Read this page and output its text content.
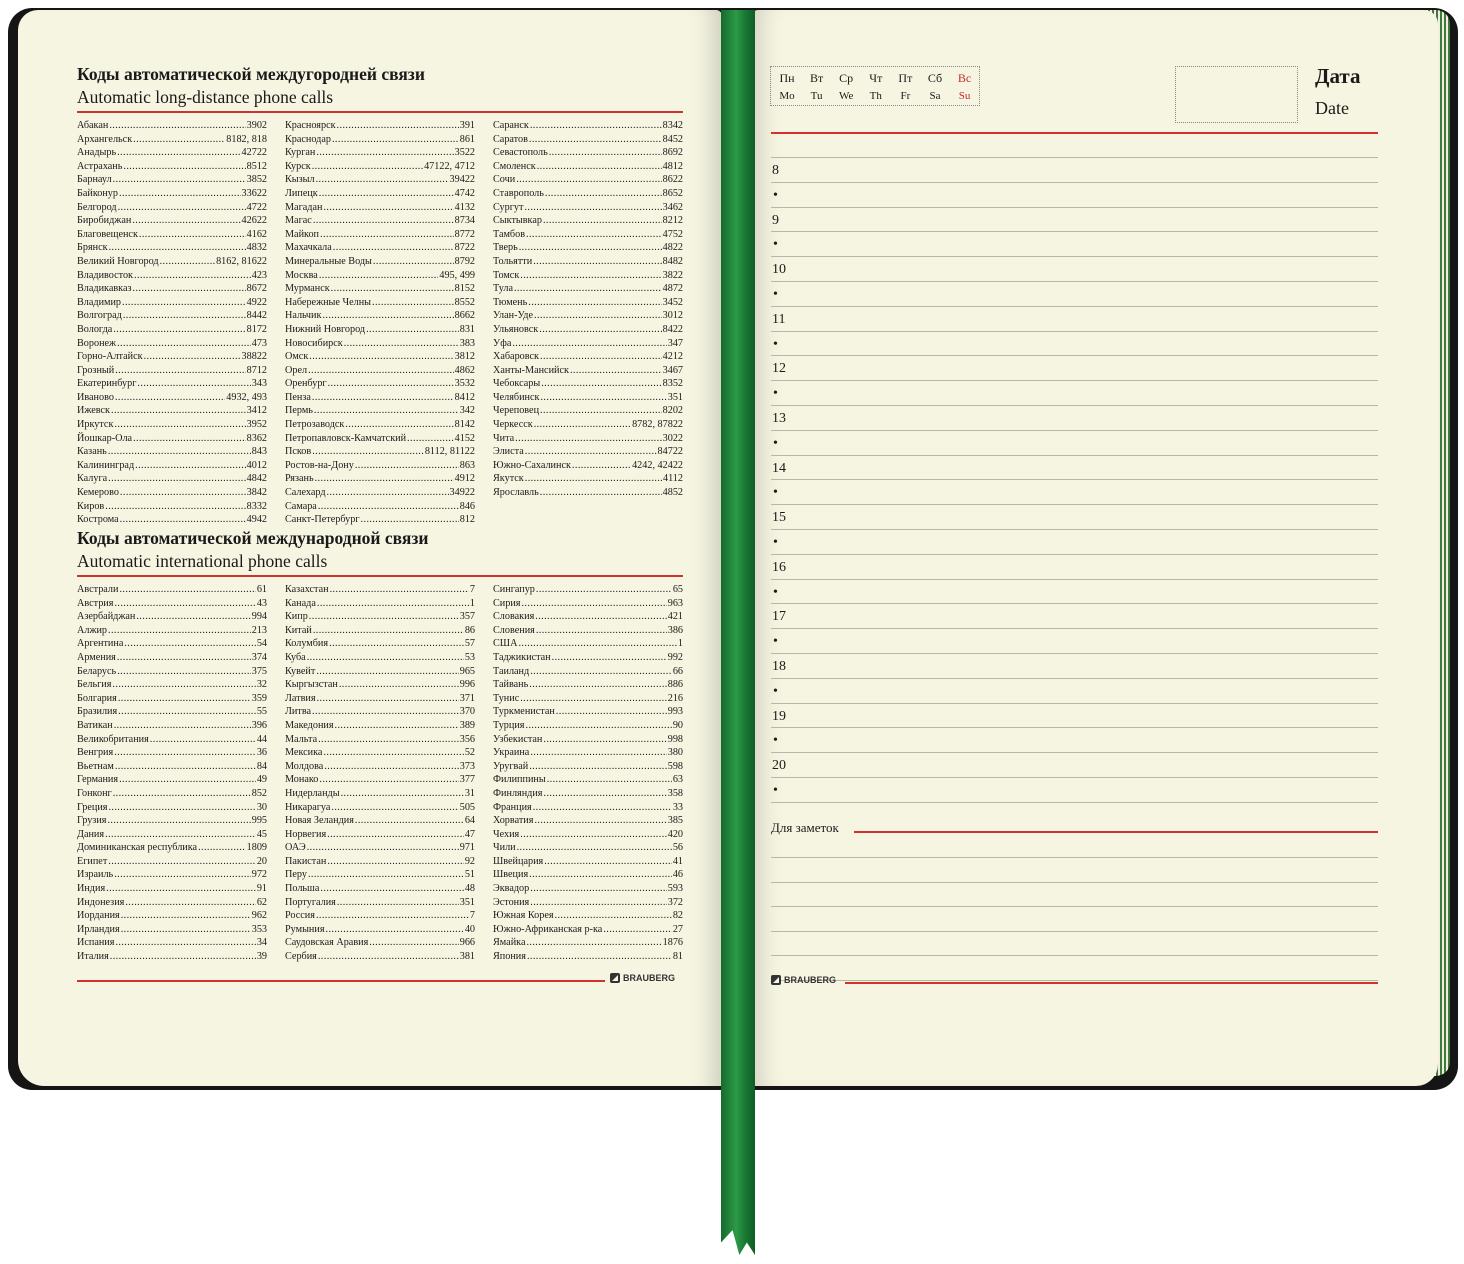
Коды автоматической междугородней связи
Automatic long-distance phone calls
Абакан .....	3902
Архангельск .....	8182, 818
Анадырь .....	42722
Астрахань .....	8512
Барнаул .....	3852
Байконур .....	33622
Белгород .....	4722
Биробиджан .....	42622
Благовещенск .....	4162
Брянск .....	4832
Великий Новгород .....	8162, 81622
Владивосток .....	423
Владикавказ .....	8672
Владимир .....	4922
Волгоград .....	8442
Вологда .....	8172
Воронеж .....	473
Горно-Алтайск .....	38822
Грозный .....	8712
Екатеринбург .....	343
Иваново .....	4932, 493
Ижевск .....	3412
Иркутск .....	3952
Йошкар-Ола .....	8362
Казань .....	843
Калининград .....	4012
Калуга .....	4842
Кемерово .....	3842
Киров .....	8332
Кострома .....	4942
Красноярск .....	391
Краснодар .....	861
Курган .....	3522
Курск .....	47122, 4712
Кызыл .....	39422
Липецк .....	4742
Магадан .....	4132
Магас .....	8734
Майкоп .....	8772
Махачкала .....	8722
Минеральные Воды .....	8792
Москва .....	495, 499
Мурманск .....	8152
Набережные Челны .....	8552
Нальчик .....	8662
Нижний Новгород .....	831
Новосибирск .....	383
Омск .....	3812
Орел .....	4862
Оренбург .....	3532
Пенза .....	8412
Пермь .....	342
Петрозаводск .....	8142
Петропавловск-Камчатский .....	4152
Псков .....	8112, 81122
Ростов-на-Дону .....	863
Рязань .....	4912
Салехард .....	34922
Самара .....	846
Санкт-Петербург .....	812
Саранск .....	8342
Саратов .....	8452
Севастополь .....	8692
Смоленск .....	4812
Сочи .....	8622
Ставрополь .....	8652
Сургут .....	3462
Сыктывкар .....	8212
Тамбов .....	4752
Тверь .....	4822
Тольятти .....	8482
Томск .....	3822
Тула .....	4872
Тюмень .....	3452
Улан-Уде .....	3012
Ульяновск .....	8422
Уфа .....	347
Хабаровск .....	4212
Ханты-Мансийск .....	3467
Чебоксары .....	8352
Челябинск .....	351
Череповец .....	8202
Черкесск .....	8782, 87822
Чита .....	3022
Элиста .....	84722
Южно-Сахалинск .....	4242, 42422
Якутск .....	4112
Ярославль .....	4852
Коды автоматической международной связи
Automatic international phone calls
Австрали .....	61
Австрия .....	43
Азербайджан .....	994
Алжир .....	213
Аргентина .....	54
Армения .....	374
Беларусь .....	375
Бельгия .....	32
Болгария .....	359
Бразилия .....	55
Ватикан .....	396
Великобритания .....	44
Венгрия .....	36
Вьетнам .....	84
Германия .....	49
Гонконг .....	852
Греция .....	30
Грузия .....	995
Дания .....	45
Доминиканская республика .....	1809
Египет .....	20
Израиль .....	972
Индия .....	91
Индонезия .....	62
Иордания .....	962
Ирландия .....	353
Испания .....	34
Италия .....	39
Казахстан .....	7
Канада .....	1
Кипр .....	357
Китай .....	86
Колумбия .....	57
Куба .....	53
Кувейт .....	965
Кыргызстан .....	996
Латвия .....	371
Литва .....	370
Македония .....	389
Мальта .....	356
Мексика .....	52
Молдова .....	373
Монако .....	377
Нидерланды .....	31
Никарагуа .....	505
Новая Зеландия .....	64
Норвегия .....	47
ОАЭ .....	971
Пакистан .....	92
Перу .....	51
Польша .....	48
Португалия .....	351
Россия .....	7
Румыния .....	40
Саудовская Аравия .....	966
Сербия .....	381
Сингапур .....	65
Сирия .....	963
Словакия .....	421
Словения .....	386
США .....	1
Таджикистан .....	992
Таиланд .....	66
Тайвань .....	886
Тунис .....	216
Туркменистан .....	993
Турция .....	90
Узбекистан .....	998
Украина .....	380
Уругвай .....	598
Филиппины .....	63
Финляндия .....	358
Франция .....	33
Хорватия .....	385
Чехия .....	420
Чили .....	56
Швейцария .....	41
Швеция .....	46
Эквадор .....	593
Эстония .....	372
Южная Корея .....	82
Южно-Африканская р-ка .....	27
Ямайка .....	1876
Япония .....	81
BRAUBERG
Пн	Вт	Ср	Чт	Пт	Сб	Вс
Mo	Tu	We	Th	Fr	Sa	Su
Дата
Date
8
•
9
•
10
•
11
•
12
•
13
•
14
•
15
•
16
•
17
•
18
•
19
•
20
•
Для заметок
BRAUBERG
